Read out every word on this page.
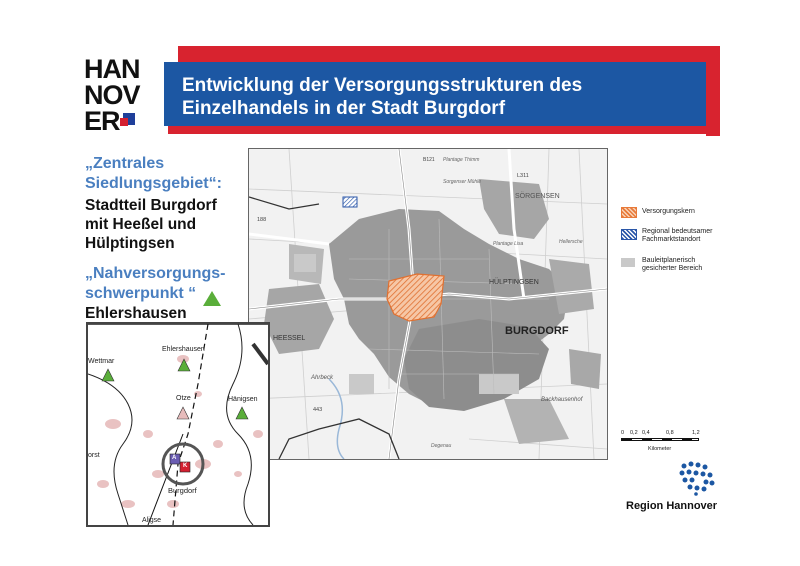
HAN
NOV
ER
Entwicklung der Versorgungsstrukturen des
Einzelhandels in der Stadt Burgdorf
„Zentrales
Siedlungsgebiet“:
Stadtteil Burgdorf
mit Heeßel und
Hülptingsen
„Nahversorgungs-
schwerpunkt “
Ehlershausen
SÖRGENSEN
HÜLPTINGSEN
HEESSEL
BURGDORF
Ahrbeck
Backhausenhof
Plantage Thimm
Sorgenser Mühle
Plantage Lisa	Hellersche
Degenau
L311
188
443
B121
Versorgungskern
Regional bedeutsamer
Fachmarktstandort
Bauleitplanerisch
gesicherter Bereich
0 0,2 0,4	0,8	1,2
Kilometer
Wettmar
Ehlershausen
Otze	Hänigsen
Burgdorf
Aligse
orst	A
K
Region Hannover
